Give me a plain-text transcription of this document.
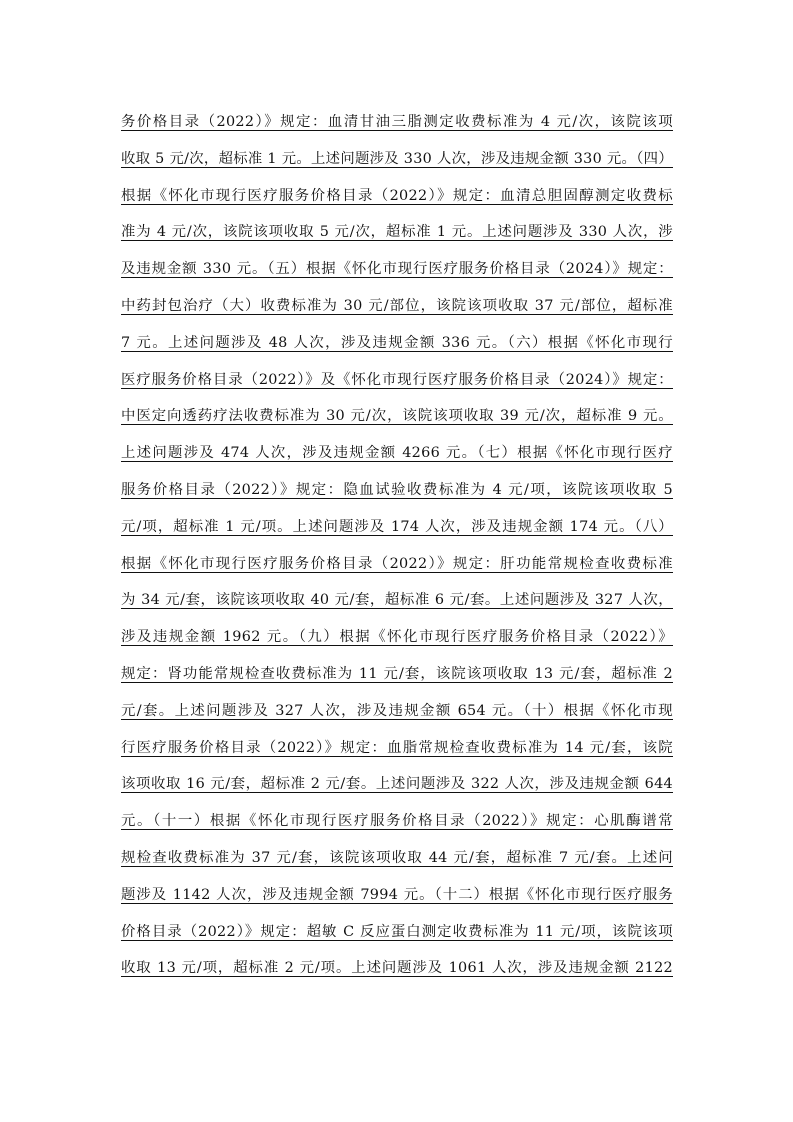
务价格目录（2022）》规定：血清甘油三脂测定收费标准为 4 元/次，该院该项
收取 5 元/次，超标准 1 元。上述问题涉及 330 人次，涉及违规金额 330 元。（四）
根据《怀化市现行医疗服务价格目录（2022）》规定：血清总胆固醇测定收费标
准为 4 元/次，该院该项收取 5 元/次，超标准 1 元。上述问题涉及 330 人次，涉
及违规金额 330 元。（五）根据《怀化市现行医疗服务价格目录（2024）》规定：
中药封包治疗（大）收费标准为 30 元/部位，该院该项收取 37 元/部位，超标准
7 元。上述问题涉及 48 人次，涉及违规金额 336 元。（六）根据《怀化市现行
医疗服务价格目录（2022）》及《怀化市现行医疗服务价格目录（2024）》规定：
中医定向透药疗法收费标准为 30 元/次，该院该项收取 39 元/次，超标准 9 元。
上述问题涉及 474 人次，涉及违规金额 4266 元。（七）根据《怀化市现行医疗
服务价格目录（2022）》规定：隐血试验收费标准为 4 元/项，该院该项收取 5
元/项，超标准 1 元/项。上述问题涉及 174 人次，涉及违规金额 174 元。（八）
根据《怀化市现行医疗服务价格目录（2022）》规定：肝功能常规检查收费标准
为 34 元/套，该院该项收取 40 元/套，超标准 6 元/套。上述问题涉及 327 人次，
涉及违规金额 1962 元。（九）根据《怀化市现行医疗服务价格目录（2022）》
规定：肾功能常规检查收费标准为 11 元/套，该院该项收取 13 元/套，超标准 2
元/套。上述问题涉及 327 人次，涉及违规金额 654 元。（十）根据《怀化市现
行医疗服务价格目录（2022）》规定：血脂常规检查收费标准为 14 元/套，该院
该项收取 16 元/套，超标准 2 元/套。上述问题涉及 322 人次，涉及违规金额 644
元。（十一）根据《怀化市现行医疗服务价格目录（2022）》规定：心肌酶谱常
规检查收费标准为 37 元/套，该院该项收取 44 元/套，超标准 7 元/套。上述问
题涉及 1142 人次，涉及违规金额 7994 元。（十二）根据《怀化市现行医疗服务
价格目录（2022）》规定：超敏 C 反应蛋白测定收费标准为 11 元/项，该院该项
收取 13 元/项，超标准 2 元/项。上述问题涉及 1061 人次，涉及违规金额 2122
